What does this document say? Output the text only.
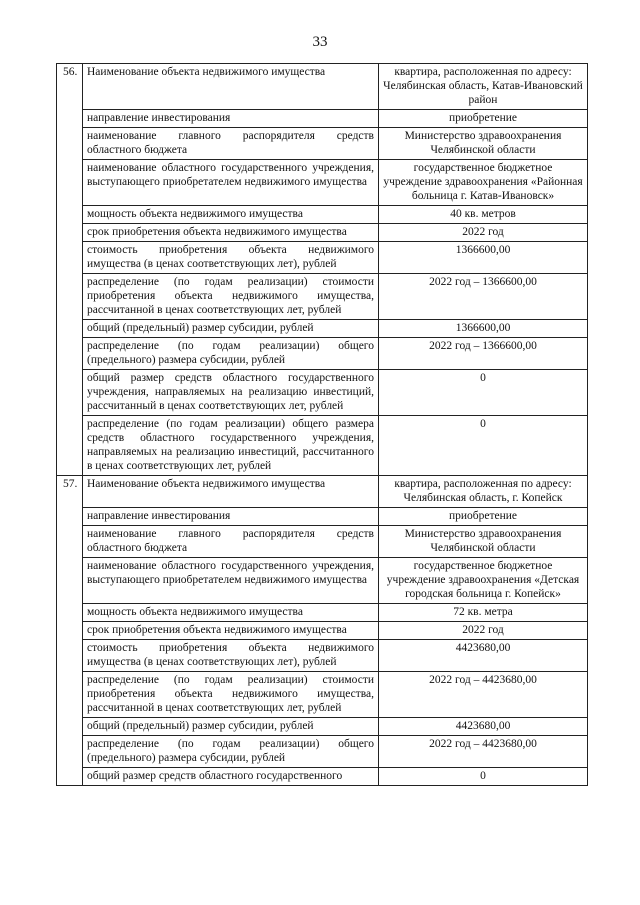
33
56.	Наименование объекта недвижимого имущества	квартира, расположенная по адресу: Челябинская область, Катав-Ивановский район
	направление инвестирования	приобретение
	наименование главного распорядителя средств областного бюджета	Министерство здравоохранения Челябинской области
	наименование областного государственного учреждения, выступающего приобретателем недвижимого имущества	государственное бюджетное учреждение здравоохранения «Районная больница г. Катав-Ивановск»
	мощность объекта недвижимого имущества	40 кв. метров
	срок приобретения объекта недвижимого имущества	2022 год
	стоимость приобретения объекта недвижимого имущества (в ценах соответствующих лет), рублей	1366600,00
	распределение (по годам реализации) стоимости приобретения объекта недвижимого имущества, рассчитанной в ценах соответствующих лет, рублей	2022 год – 1366600,00
	общий (предельный) размер субсидии, рублей	1366600,00
	распределение (по годам реализации) общего (предельного) размера субсидии, рублей	2022 год – 1366600,00
	общий размер средств областного государственного учреждения, направляемых на реализацию инвестиций, рассчитанный в ценах соответствующих лет, рублей	0
	распределение (по годам реализации) общего размера средств областного государственного учреждения, направляемых на реализацию инвестиций, рассчитанного в ценах соответствующих лет, рублей	0
57.	Наименование объекта недвижимого имущества	квартира, расположенная по адресу: Челябинская область, г. Копейск
	направление инвестирования	приобретение
	наименование главного распорядителя средств областного бюджета	Министерство здравоохранения Челябинской области
	наименование областного государственного учреждения, выступающего приобретателем недвижимого имущества	государственное бюджетное учреждение здравоохранения «Детская городская больница г. Копейск»
	мощность объекта недвижимого имущества	72 кв. метра
	срок приобретения объекта недвижимого имущества	2022 год
	стоимость приобретения объекта недвижимого имущества (в ценах соответствующих лет), рублей	4423680,00
	распределение (по годам реализации) стоимости приобретения объекта недвижимого имущества, рассчитанной в ценах соответствующих лет, рублей	2022 год – 4423680,00
	общий (предельный) размер субсидии, рублей	4423680,00
	распределение (по годам реализации) общего (предельного) размера субсидии, рублей	2022 год – 4423680,00
	общий размер средств областного государственного	0
